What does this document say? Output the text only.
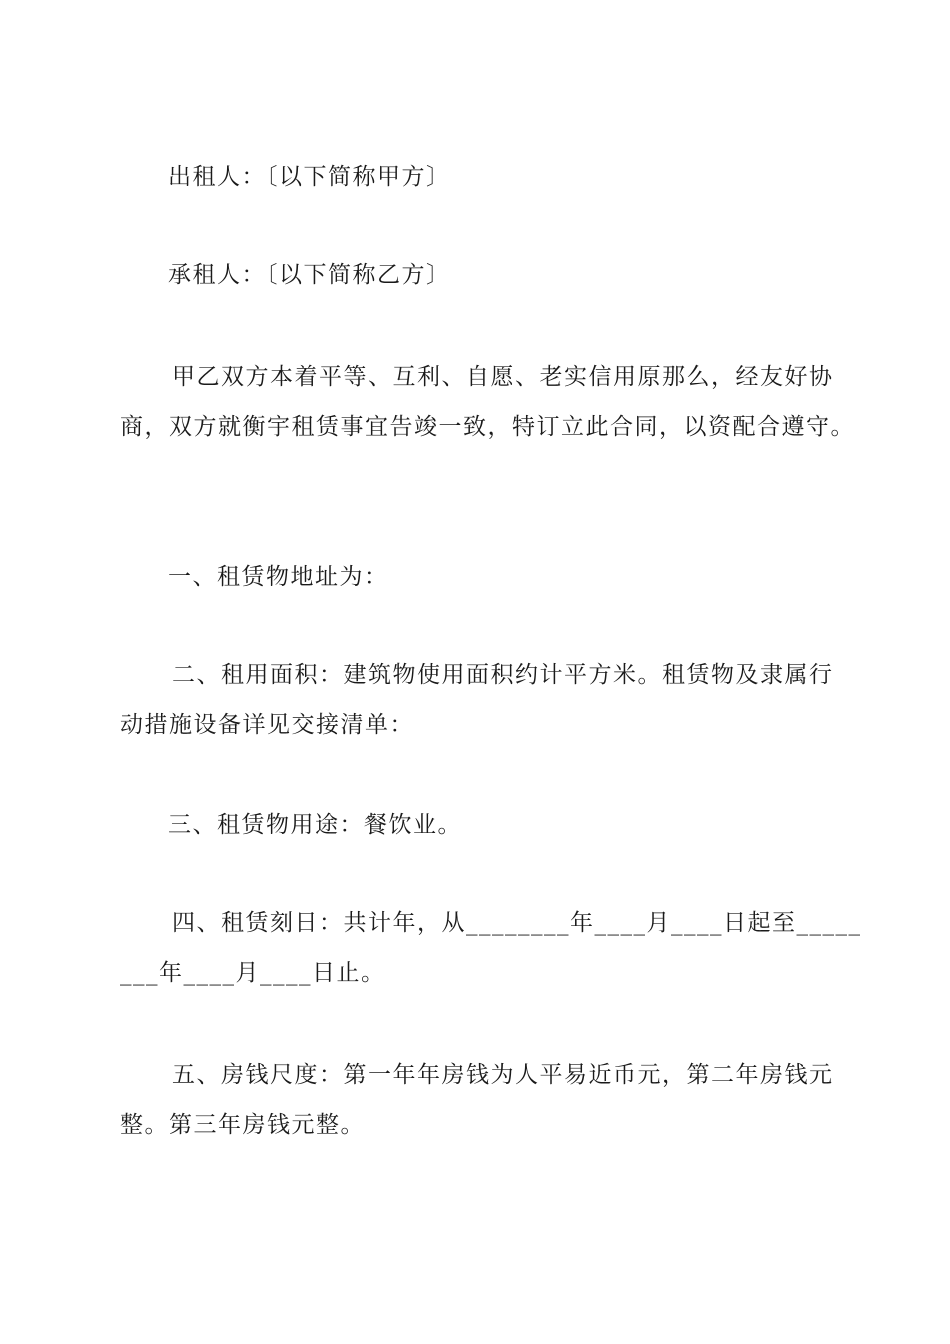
出租人：〔以下简称甲方〕

承租人：〔以下简称乙方〕

甲乙双方本着平等、互利、自愿、老实信用原那么，经友好协
商，双方就衡宇租赁事宜告竣一致，特订立此合同，以资配合遵守。

一、租赁物地址为：

二、租用面积：建筑物使用面积约计平方米。租赁物及隶属行
动措施设备详见交接清单：

三、租赁物用途：餐饮业。

四、租赁刻日：共计年，从________年____月____日起至_____
___年____月____日止。

五、房钱尺度：第一年年房钱为人平易近币元，第二年房钱元
整。第三年房钱元整。
